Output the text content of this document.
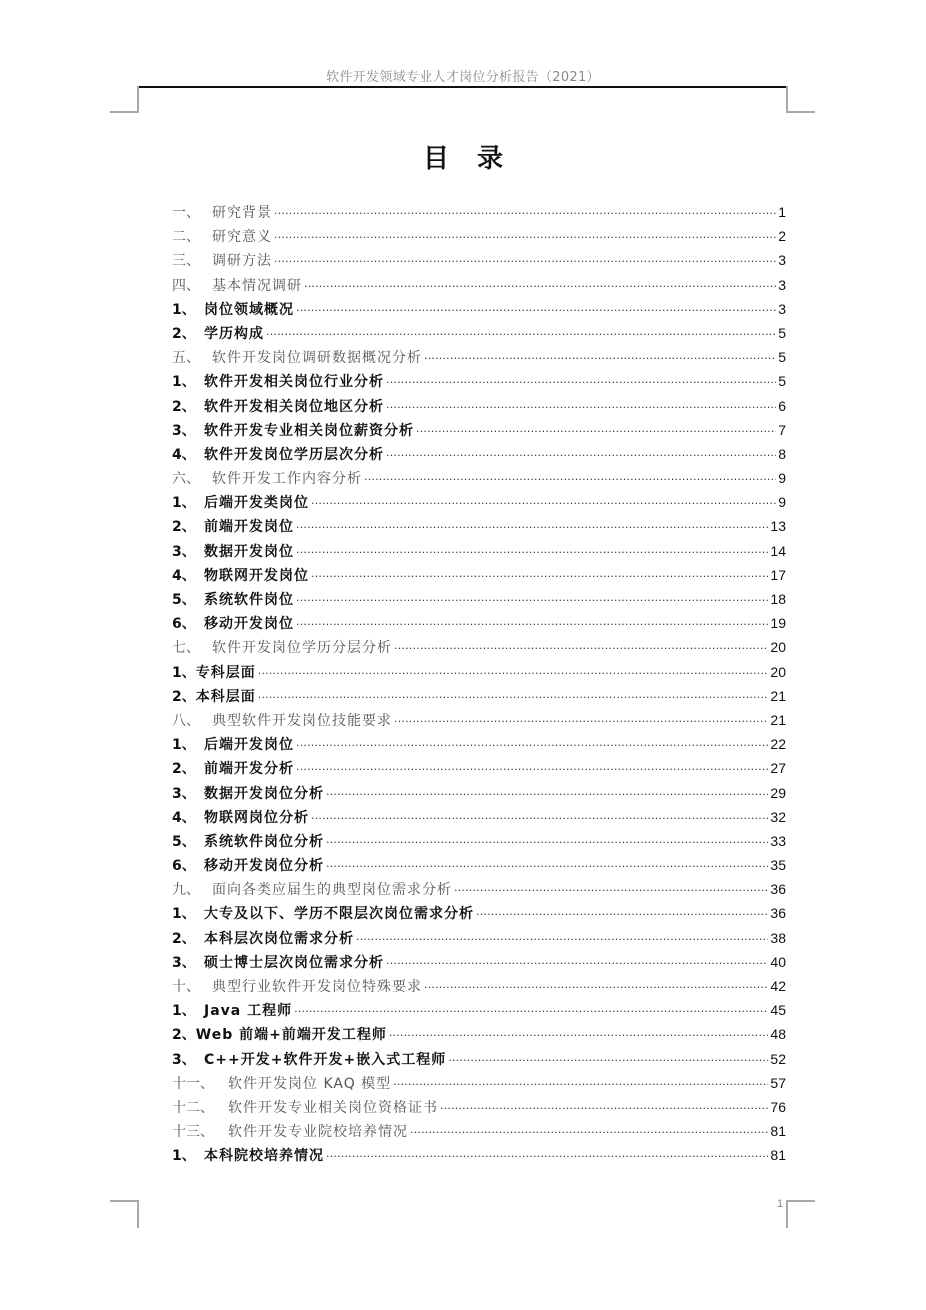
软件开发领域专业人才岗位分析报告（2021）
目录
一、 研究背景 .....	1
二、 研究意义 .....	2
三、 调研方法 .....	3
四、 基本情况调研 .....	3
1、 岗位领域概况 .....	3
2、 学历构成 .....	5
五、 软件开发岗位调研数据概况分析 .....	5
1、 软件开发相关岗位行业分析 .....	5
2、 软件开发相关岗位地区分析 .....	6
3、 软件开发专业相关岗位薪资分析 .....	7
4、 软件开发岗位学历层次分析 .....	8
六、 软件开发工作内容分析 .....	9
1、 后端开发类岗位 .....	9
2、 前端开发岗位 .....	13
3、 数据开发岗位 .....	14
4、 物联网开发岗位 .....	17
5、 系统软件岗位 .....	18
6、 移动开发岗位 .....	19
七、 软件开发岗位学历分层分析 .....	20
1、 专科层面 .....	20
2、 本科层面 .....	21
八、 典型软件开发岗位技能要求 .....	21
1、 后端开发岗位 .....	22
2、 前端开发分析 .....	27
3、 数据开发岗位分析 .....	29
4、 物联网岗位分析 .....	32
5、 系统软件岗位分析 .....	33
6、 移动开发岗位分析 .....	35
九、 面向各类应届生的典型岗位需求分析 .....	36
1、 大专及以下、学历不限层次岗位需求分析 .....	36
2、 本科层次岗位需求分析 .....	38
3、 硕士博士层次岗位需求分析 .....	40
十、 典型行业软件开发岗位特殊要求 .....	42
1、 Java 工程师 .....	45
2、 Web 前端+前端开发工程师 .....	48
3、 C++开发+软件开发+嵌入式工程师 .....	52
十一、	软件开发岗位 KAQ 模型 .....	57
十二、	软件开发专业相关岗位资格证书 .....	76
十三、	软件开发专业院校培养情况 .....	81
1、 本科院校培养情况 .....	81
1
